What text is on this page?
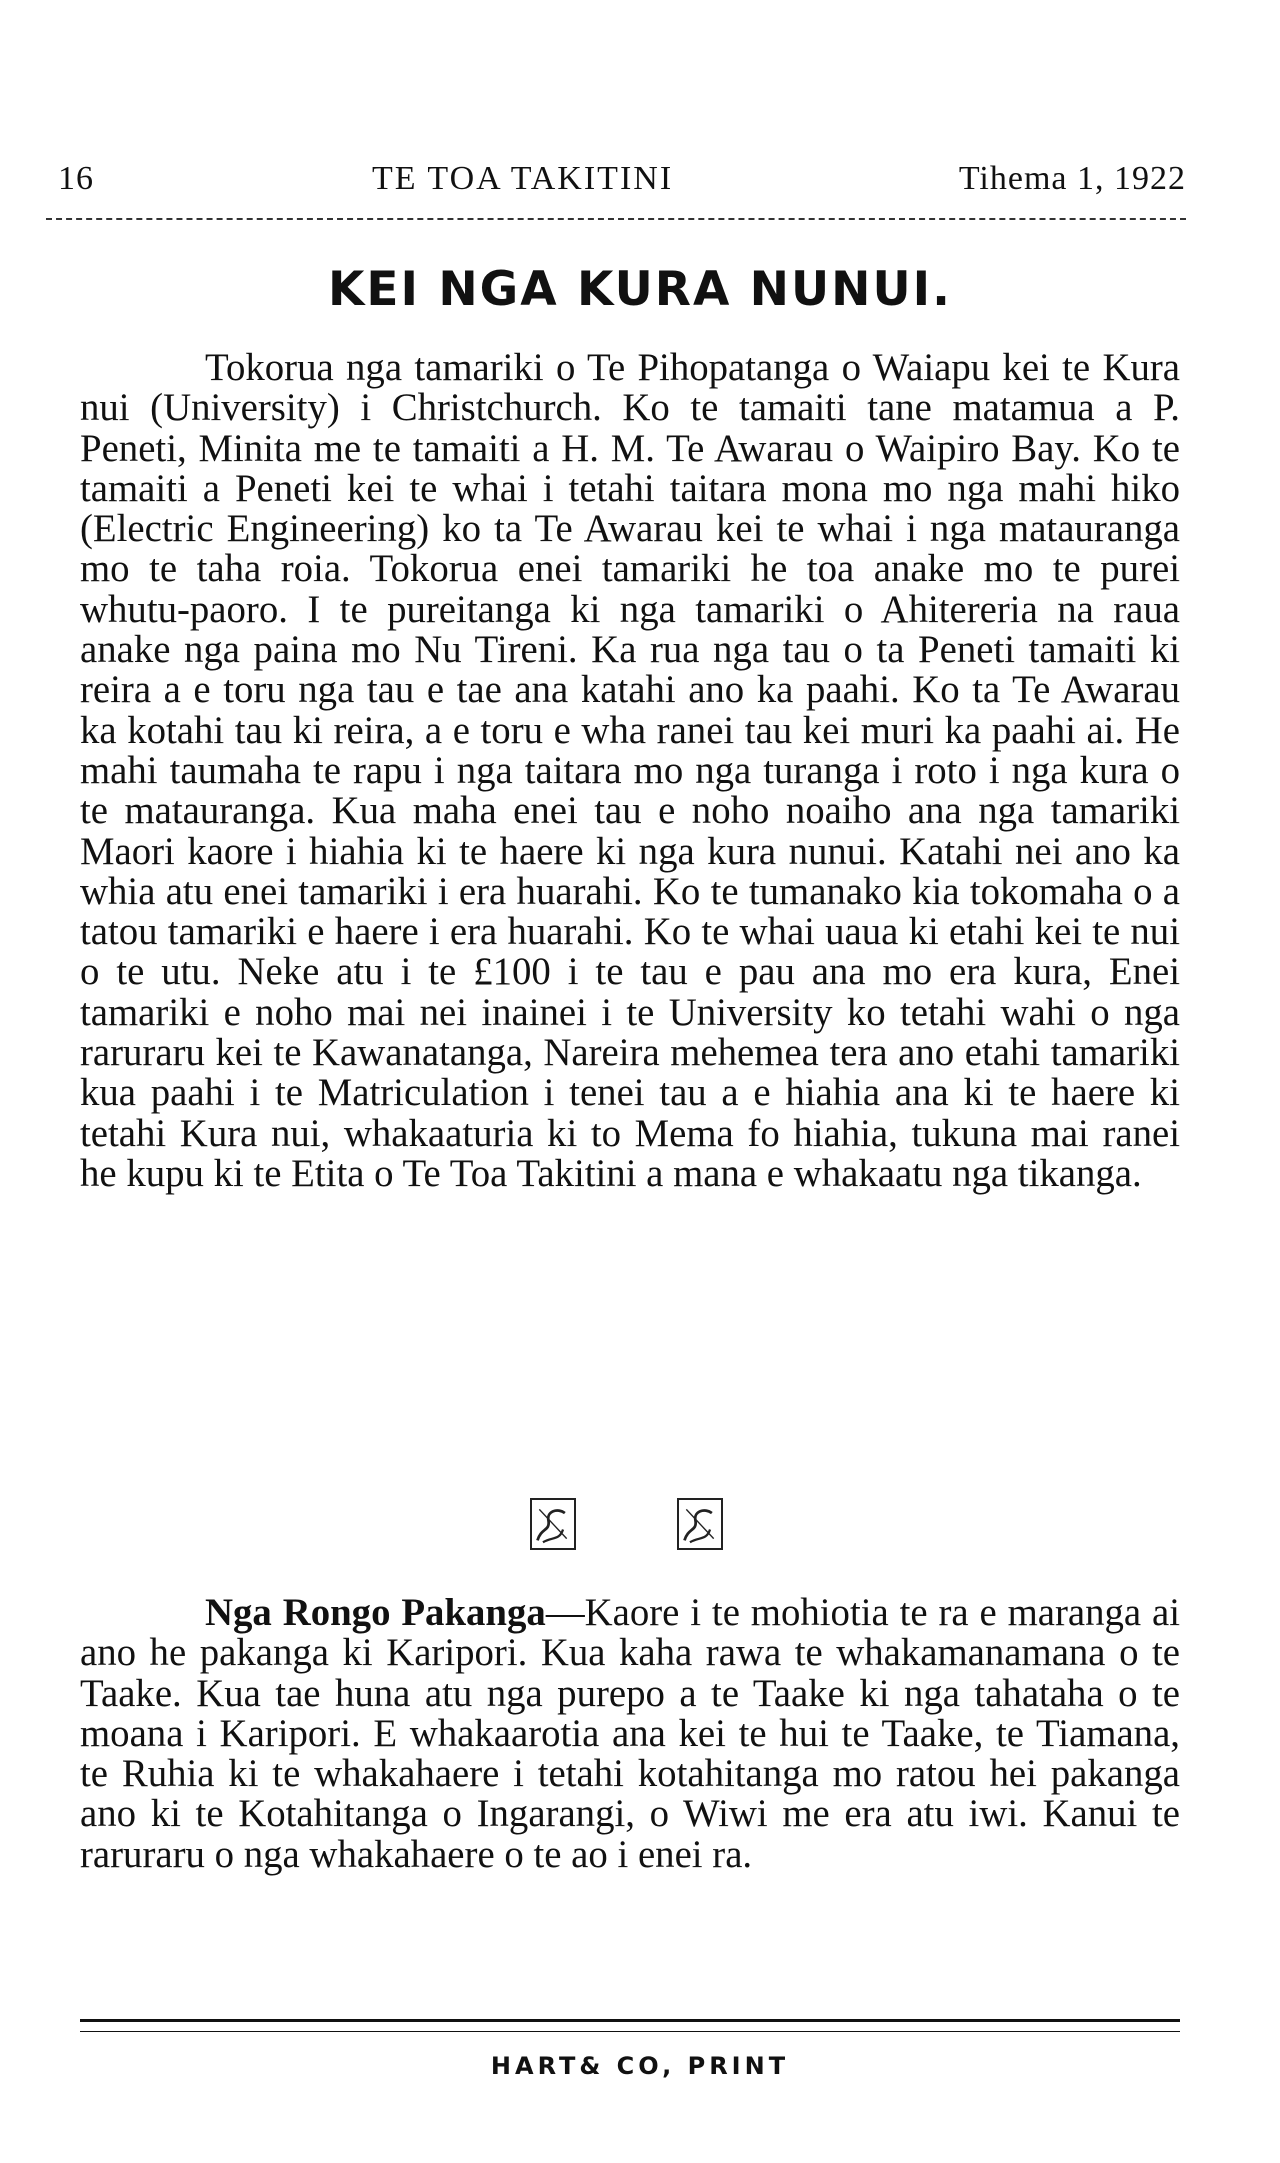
16	TE TOA TAKITINI	Tihema 1, 1922
KEI NGA KURA NUNUI.

Tokorua nga tamariki o Te Pihopatanga o Waiapu kei te Kura nui (University) i Christchurch. Ko te tamaiti tane matamua a P. Peneti, Minita me te tamaiti a H. M. Te Awarau o Waipiro Bay. Ko te tamaiti a Peneti kei te whai i tetahi taitara mona mo nga mahi hiko (Electric Engineering) ko ta Te Awarau kei te whai i nga matauranga mo te taha roia. Tokorua enei tamariki he toa anake mo te purei whutu-paoro. I te pureitanga ki nga tamariki o Ahitereria na raua anake nga paina mo Nu Tireni. Ka rua nga tau o ta Peneti tamaiti ki reira a e toru nga tau e tae ana katahi ano ka paahi. Ko ta Te Awarau ka kotahi tau ki reira, a e toru e wha ranei tau kei muri ka paahi ai. He mahi taumaha te rapu i nga taitara mo nga turanga i roto i nga kura o te matauranga. Kua maha enei tau e noho noaiho ana nga tamariki Maori kaore i hiahia ki te haere ki nga kura nunui. Katahi nei ano ka whia atu enei tamariki i era huarahi. Ko te tumanako kia tokomaha o a tatou tamariki e haere i era huarahi. Ko te whai uaua ki etahi kei te nui o te utu. Neke atu i te £100 i te tau e pau ana mo era kura, Enei tamariki e noho mai nei inainei i te University ko tetahi wahi o nga raruraru kei te Kawanatanga, Nareira mehemea tera ano etahi tamariki kua paahi i te Matriculation i tenei tau a e hiahia ana ki te haere ki tetahi Kura nui, whakaaturia ki to Mema fo hiahia, tukuna mai ranei he kupu ki te Etita o Te Toa Takitini a mana e whakaatu nga tikanga.

Nga Rongo Pakanga—Kaore i te mohiotia te ra e maranga ai ano he pakanga ki Karipori. Kua kaha rawa te whakamanamana o te Taake. Kua tae huna atu nga purepo a te Taake ki nga tahataha o te moana i Karipori. E whakaarotia ana kei te hui te Taake, te Tiamana, te Ruhia ki te whakahaere i tetahi kotahitanga mo ratou hei pakanga ano ki te Kotahitanga o Ingarangi, o Wiwi me era atu iwi. Kanui te raruraru o nga whakahaere o te ao i enei ra.

HART& CO, PRINT
